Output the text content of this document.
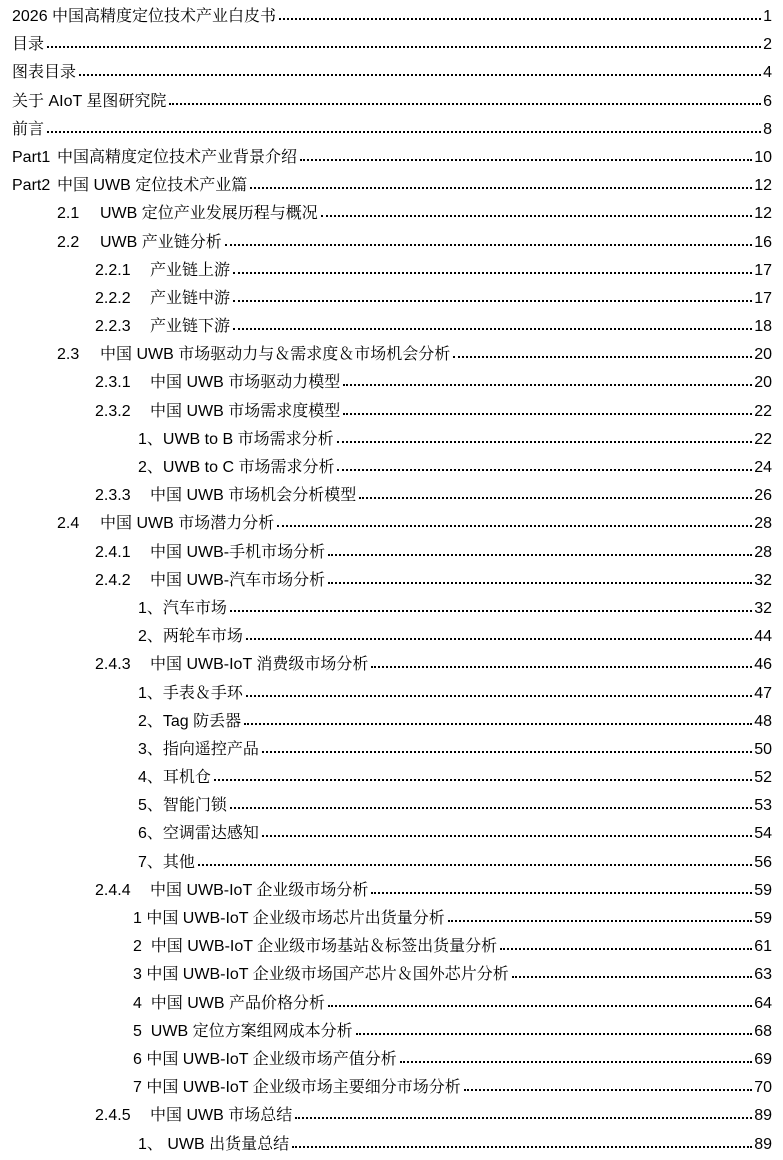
2026 中国高精度定位技术产业白皮书	1
目录	2
图表目录	4
关于 AIoT 星图研究院	6
前言	8
Part1 中国高精度定位技术产业背景介绍	10
Part2 中国 UWB 定位技术产业篇	12
2.1	UWB 定位产业发展历程与概况	12
2.2	UWB 产业链分析	16
2.2.1	产业链上游	17
2.2.2	产业链中游	17
2.2.3	产业链下游	18
2.3	中国 UWB 市场驱动力与＆需求度＆市场机会分析	20
2.3.1	中国 UWB 市场驱动力模型	20
2.3.2	中国 UWB 市场需求度模型	22
1、UWB to B 市场需求分析	22
2、UWB to C 市场需求分析	24
2.3.3	中国 UWB 市场机会分析模型	26
2.4	中国 UWB 市场潜力分析	28
2.4.1	中国 UWB-手机市场分析	28
2.4.2	中国 UWB-汽车市场分析	32
1、汽车市场	32
2、两轮车市场	44
2.4.3	中国 UWB-IoT 消费级市场分析	46
1、手表＆手环	47
2、Tag 防丢器	48
3、指向遥控产品	50
4、耳机仓	52
5、智能门锁	53
6、空调雷达感知	54
7、其他	56
2.4.4	中国 UWB-IoT 企业级市场分析	59
1 中国 UWB-IoT 企业级市场芯片出货量分析	59
2  中国 UWB-IoT 企业级市场基站＆标签出货量分析	61
3 中国 UWB-IoT 企业级市场国产芯片＆国外芯片分析	63
4  中国 UWB 产品价格分析	64
5  UWB 定位方案组网成本分析	68
6 中国 UWB-IoT 企业级市场产值分析	69
7 中国 UWB-IoT 企业级市场主要细分市场分析	70
2.4.5	中国 UWB 市场总结	89
1、 UWB 出货量总结	89
